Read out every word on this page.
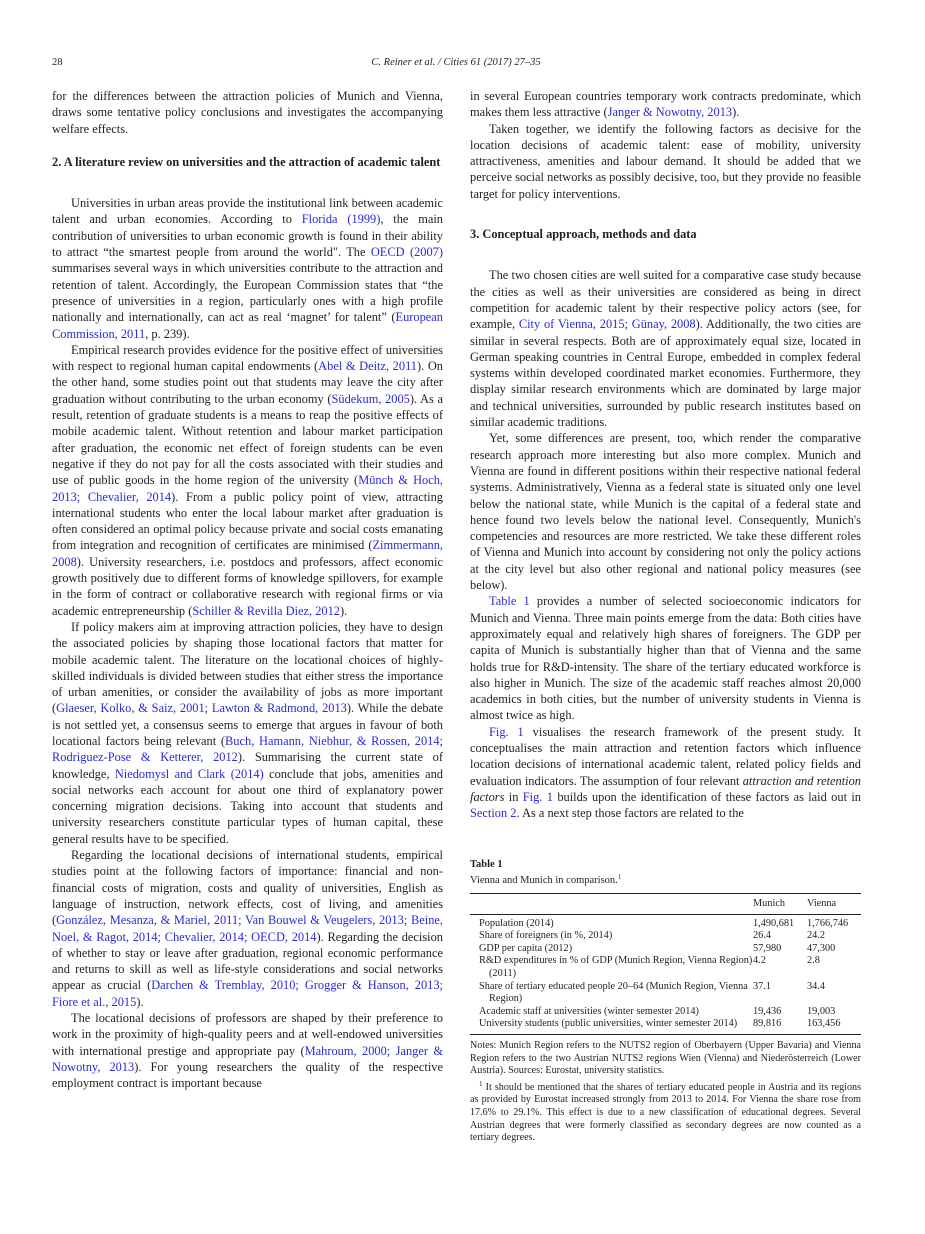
28	C. Reiner et al. / Cities 61 (2017) 27–35

for the differences between the attraction policies of Munich and Vienna, draws some tentative policy conclusions and investigates the accompanying welfare effects.

2. A literature review on universities and the attraction of academic talent

Universities in urban areas provide the institutional link between academic talent and urban economies. According to Florida (1999), the main contribution of universities to urban economic growth is found in their ability to attract “the smartest people from around the world". The OECD (2007) summarises several ways in which universities contribute to the attraction and retention of talent. Accordingly, the European Commission states that “the presence of universities in a region, particularly ones with a high profile nationally and internationally, can act as real ‘magnet’ for talent” (European Commission, 2011, p. 239).

Empirical research provides evidence for the positive effect of universities with respect to regional human capital endowments (Abel & Deitz, 2011). On the other hand, some studies point out that students may leave the city after graduation without contributing to the urban economy (Südekum, 2005). As a result, retention of graduate students is a means to reap the positive effects of mobile academic talent. Without retention and labour market participation after graduation, the economic net effect of foreign students can be even negative if they do not pay for all the costs associated with their studies and use of public goods in the home region of the university (Münch & Hoch, 2013; Chevalier, 2014). From a public policy point of view, attracting international students who enter the local labour market after graduation is often considered an optimal policy because private and social costs emanating from integration and recognition of certificates are minimised (Zimmermann, 2008). University researchers, i.e. postdocs and professors, affect economic growth positively due to different forms of knowledge spillovers, for example in the form of contract or collaborative research with regional firms or via academic entrepreneurship (Schiller & Revilla Diez, 2012).

If policy makers aim at improving attraction policies, they have to design the associated policies by shaping those locational factors that matter for mobile academic talent. The literature on the locational choices of highly-skilled individuals is divided between studies that either stress the importance of urban amenities, or consider the availability of jobs as more important (Glaeser, Kolko, & Saiz, 2001; Lawton & Radmond, 2013). While the debate is not settled yet, a consensus seems to emerge that argues in favour of both locational factors being relevant (Buch, Hamann, Niebhur, & Rossen, 2014; Rodriguez-Pose & Ketterer, 2012). Summarising the current state of knowledge, Niedomysl and Clark (2014) conclude that jobs, amenities and social networks each account for about one third of explanatory power concerning migration decisions. Taking into account that students and university researchers constitute particular types of human capital, these general results have to be specified.

Regarding the locational decisions of international students, empirical studies point at the following factors of importance: financial and non-financial costs of migration, costs and quality of universities, English as language of instruction, network effects, cost of living, and amenities (González, Mesanza, & Mariel, 2011; Van Bouwel & Veugelers, 2013; Beine, Noel, & Ragot, 2014; Chevalier, 2014; OECD, 2014). Regarding the decision of whether to stay or leave after graduation, regional economic performance and returns to skill as well as life-style considerations and social networks appear as crucial (Darchen & Tremblay, 2010; Grogger & Hanson, 2013; Fiore et al., 2015).

The locational decisions of professors are shaped by their preference to work in the proximity of high-quality peers and at well-endowed universities with international prestige and appropriate pay (Mahroum, 2000; Janger & Nowotny, 2013). For young researchers the quality of the respective employment contract is important because

in several European countries temporary work contracts predominate, which makes them less attractive (Janger & Nowotny, 2013).

Taken together, we identify the following factors as decisive for the location decisions of academic talent: ease of mobility, university attractiveness, amenities and labour demand. It should be added that we perceive social networks as possibly decisive, too, but they provide no feasible target for policy interventions.

3. Conceptual approach, methods and data

The two chosen cities are well suited for a comparative case study because the cities as well as their universities are considered as being in direct competition for academic talent by their respective policy actors (see, for example, City of Vienna, 2015; Günay, 2008). Additionally, the two cities are similar in several respects. Both are of approximately equal size, located in German speaking countries in Central Europe, embedded in complex federal systems within developed coordinated market economies. Furthermore, they display similar research environments which are dominated by large major and technical universities, surrounded by public research institutes based on similar academic traditions.

Yet, some differences are present, too, which render the comparative research approach more interesting but also more complex. Munich and Vienna are found in different positions within their respective national federal systems. Administratively, Vienna as a federal state is situated only one level below the national state, while Munich is the capital of a federal state and hence found two levels below the national level. Consequently, Munich's competencies and resources are more restricted. We take these different roles of Vienna and Munich into account by considering not only the policy actions at the city level but also other regional and national policy measures (see below).

Table 1 provides a number of selected socioeconomic indicators for Munich and Vienna. Three main points emerge from the data: Both cities have approximately equal and relatively high shares of foreigners. The GDP per capita of Munich is substantially higher than that of Vienna and the same holds true for R&D-intensity. The share of the tertiary educated workforce is also higher in Munich. The size of the academic staff reaches almost 20,000 academics in both cities, but the number of university students in Vienna is almost twice as high.

Fig. 1 visualises the research framework of the present study. It conceptualises the main attraction and retention factors which influence location decisions of international academic talent, related policy fields and evaluation indicators. The assumption of four relevant attraction and retention factors in Fig. 1 builds upon the identification of these factors as laid out in Section 2. As a next step those factors are related to the

Table 1
Vienna and Munich in comparison.$^1$
	Munich	Vienna

Population (2014)	1,490,681	1,766,746

Share of foreigners (in %, 2014)	26.4	24.2

GDP per capita (2012)	57,980	47,300

R&D expenditures in % of GDP (Munich Region, Vienna Region) (2011)	4.2	2.8

Share of tertiary educated people 20–64 (Munich Region, Vienna Region)	37.1	34.4

Academic staff at universities (winter semester 2014)	19,436	19,003

University students (public universities, winter semester 2014)	89,816	163,456
Notes: Munich Region refers to the NUTS2 region of Oberbayern (Upper Bavaria) and Vienna Region refers to the two Austrian NUTS2 regions Wien (Vienna) and Niederösterreich (Lower Austria). Sources: Eurostat, university statistics.
$^1$ It should be mentioned that the shares of tertiary educated people in Austria and its regions as provided by Eurostat increased strongly from 2013 to 2014. For Vienna the share rose from 17.6% to 29.1%. This effect is due to a new classification of educational degrees. Several Austrian degrees that were formerly classified as secondary degrees are now counted as a tertiary degrees.
